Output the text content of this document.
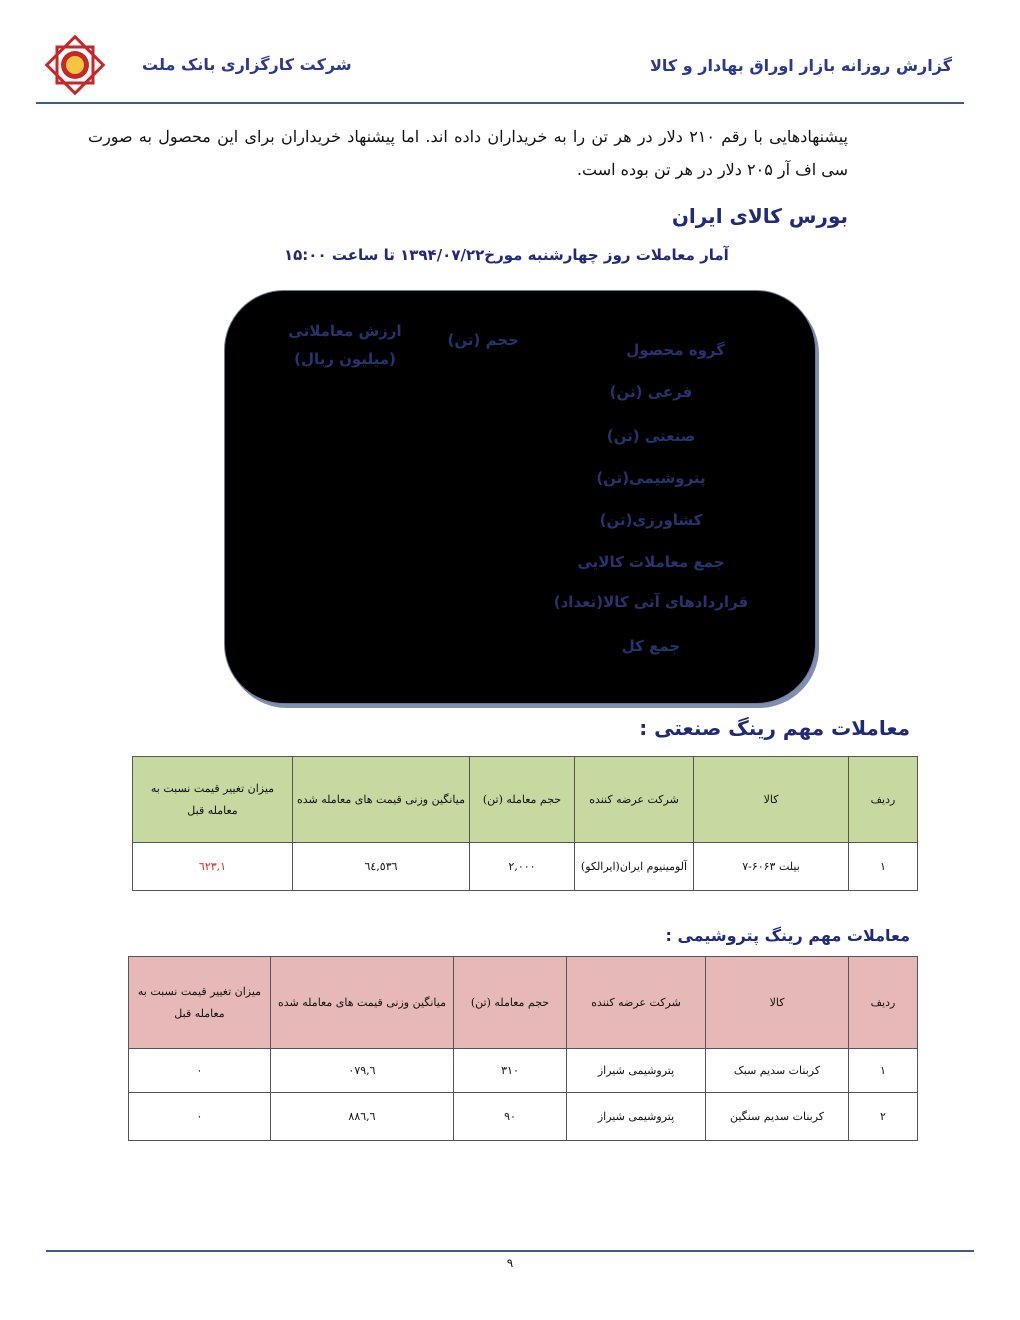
شرکت کارگزاری بانک ملت	گزارش روزانه بازار اوراق بهادار و کالا
پیشنهادهایی با رقم ۲۱۰ دلار در هر تن را به خریداران داده اند. اما پیشنهاد خریداران برای این محصول به صورت سی اف آر ۲۰۵ دلار در هر تن بوده است.
بورس کالای ایران
آمار معاملات روز چهارشنبه مورخ۱۳۹۴/۰۷/۲۲ تا ساعت ۱۵:۰۰
گروه محصول
حجم (تن)
ارزش معاملاتی (میلیون ریال)
فرعی (تن)
صنعتی (تن)
پتروشیمی(تن)
کشاورزی(تن)
جمع معاملات کالایی
قراردادهای آتی کالا(تعداد)
جمع کل
معاملات مهم رینگ صنعتی :
ردیف	کالا	شرکت عرضه کننده	حجم معامله (تن)	میانگین وزنی قیمت های معامله شده	میزان تغییر قیمت نسبت به معامله قبل
۱	بیلت ۶۰۶۳-۷	آلومینیوم ایران(ایرالکو)	۲,۰۰۰	٦٤,٥٣٦	۱,٦۲۳
معاملات مهم رینگ پتروشیمی :
ردیف	کالا	شرکت عرضه کننده	حجم معامله (تن)	میانگین وزنی قیمت های معامله شده	میزان تغییر قیمت نسبت به معامله قبل
۱	کربنات سدیم سبک	پتروشیمی شیراز	۳۱۰	٦,۰۷۹	۰
۲	کربنات سدیم سنگین	پتروشیمی شیراز	۹۰	٦,۸۸٦	۰
۹
